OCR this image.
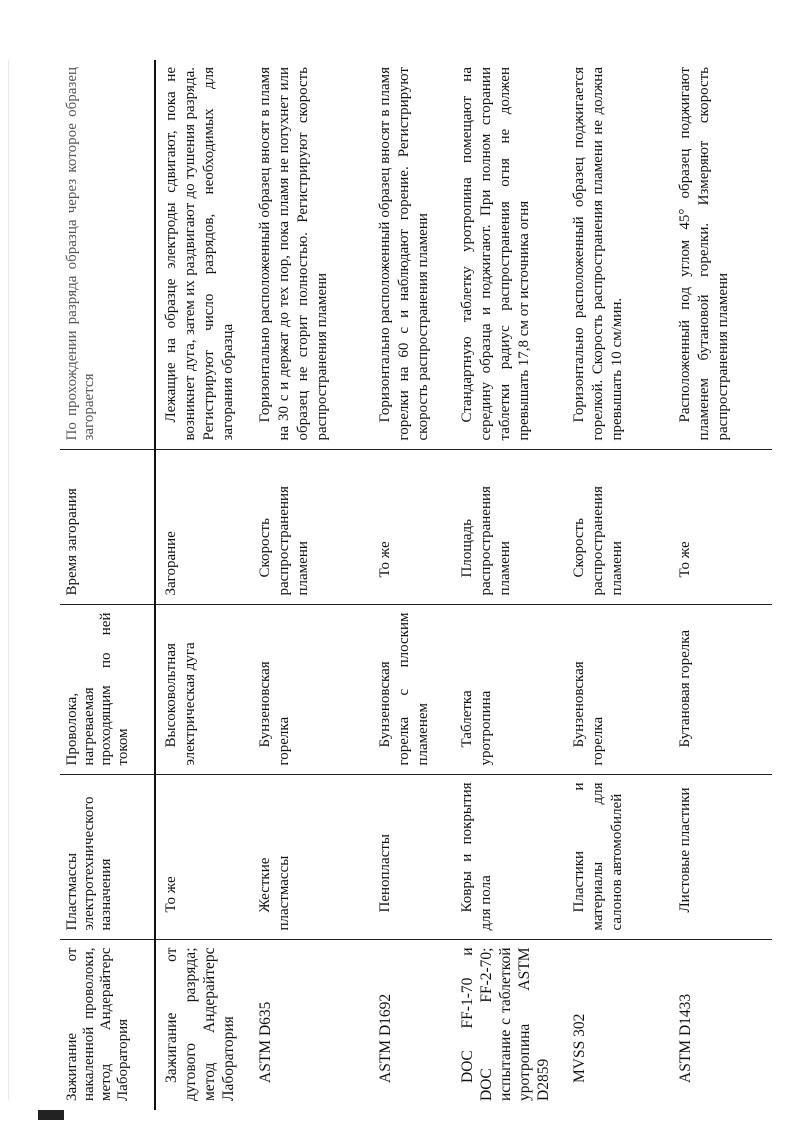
Зажигание от накаленной проволоки, метод Андерайтерс Лаборатория	Пластмассы электротехнического назначения	Проволока, нагреваемая проходящим по ней током	Время загорания	По прохождении разряда образца через которое образец загорается

Зажигание от дугового разряда; метод Андерайтерс Лаборатория	То же	Высоковольтная электрическая дуга	Загорание	Лежащие на образце электроды сдвигают, пока не возникнет дуга, затем их раздвигают до тушения разряда. Регистрируют число разрядов, необходимых для загорания образца

ASTM D635	Жесткие пластмассы	Бунзеновская горелка	Скорость распространения пламени	Горизонтально расположенный образец вносят в пламя на 30 с и держат до тех пор, пока пламя не потухнет или образец не сгорит полностью. Регистрируют скорость распространения пламени

ASTM D1692	Пенопласты	Бунзеновская горелка с плоским пламенем	То же	Горизонтально расположенный образец вносят в пламя горелки на 60 с и наблюдают горение. Регистрируют скорость распространения пламени

DOC FF-1-70 и DOC FF-2-70; испытание с таблеткой уротропина ASTM D2859	Ковры и покрытия для пола	Таблетка уротропина	Площадь распространения пламени	Стандартную таблетку уротропина помещают на середину образца и поджигают. При полном сгорании таблетки радиус распространения огня не должен превышать 17,8 см от источника огня

MVSS 302	Пластики и материалы для салонов автомобилей	Бунзеновская горелка	Скорость распространения пламени	Горизонтально расположенный образец поджигается горелкой. Скорость распространения пламени не должна превышать 10 см/мин.

ASTM D1433	Листовые пластики	Бутановая горелка	То же	Расположенный под углом 45° образец поджигают пламенем бутановой горелки. Измеряют скорость распространения пламени
